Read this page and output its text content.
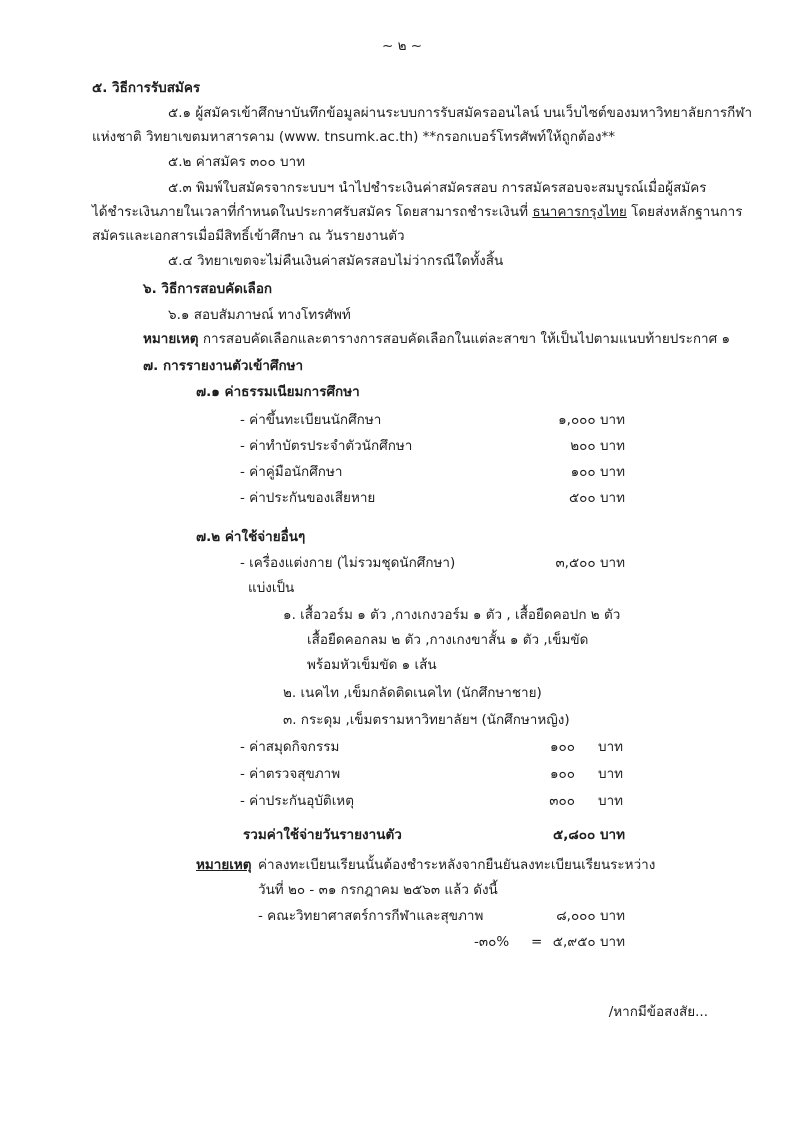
~ ๒ ~
๕. วิธีการรับสมัคร
๕.๑ ผู้สมัครเข้าศึกษาบันทึกข้อมูลผ่านระบบการรับสมัครออนไลน์ บนเว็บไซต์ของมหาวิทยาลัยการกีฬา
แห่งชาติ วิทยาเขตมหาสารคาม (www. tnsumk.ac.th) **กรอกเบอร์โทรศัพท์ให้ถูกต้อง**
๕.๒ ค่าสมัคร ๓๐๐ บาท
๕.๓ พิมพ์ใบสมัครจากระบบฯ นำไปชำระเงินค่าสมัครสอบ การสมัครสอบจะสมบูรณ์เมื่อผู้สมัคร
ได้ชำระเงินภายในเวลาที่กำหนดในประกาศรับสมัคร โดยสามารถชำระเงินที่ ธนาคารกรุงไทย โดยส่งหลักฐานการ
สมัครและเอกสารเมื่อมีสิทธิ์เข้าศึกษา ณ วันรายงานตัว
๕.๔ วิทยาเขตจะไม่คืนเงินค่าสมัครสอบไม่ว่ากรณีใดทั้งสิ้น
๖. วิธีการสอบคัดเลือก
๖.๑ สอบสัมภาษณ์ ทางโทรศัพท์
หมายเหตุ การสอบคัดเลือกและตารางการสอบคัดเลือกในแต่ละสาขา ให้เป็นไปตามแนบท้ายประกาศ ๑
๗. การรายงานตัวเข้าศึกษา
๗.๑ ค่าธรรมเนียมการศึกษา
- ค่าขึ้นทะเบียนนักศึกษา	๑,๐๐๐ บาท
- ค่าทำบัตรประจำตัวนักศึกษา	๒๐๐ บาท
- ค่าคู่มือนักศึกษา	๑๐๐ บาท
- ค่าประกันของเสียหาย	๕๐๐ บาท
๗.๒ ค่าใช้จ่ายอื่นๆ
- เครื่องแต่งกาย (ไม่รวมชุดนักศึกษา)	๓,๕๐๐ บาท
แบ่งเป็น
๑. เสื้อวอร์ม ๑ ตัว ,กางเกงวอร์ม ๑ ตัว , เสื้อยืดคอปก ๒ ตัว
เสื้อยืดคอกลม ๒ ตัว ,กางเกงขาสั้น ๑ ตัว ,เข็มขัด
พร้อมหัวเข็มขัด ๑ เส้น
๒. เนคไท ,เข็มกลัดติดเนคไท (นักศึกษาชาย)
๓. กระดุม ,เข็มตรามหาวิทยาลัยฯ (นักศึกษาหญิง)
- ค่าสมุดกิจกรรม	๑๐๐ บาท
- ค่าตรวจสุขภาพ	๑๐๐ บาท
- ค่าประกันอุบัติเหตุ	๓๐๐ บาท
รวมค่าใช้จ่ายวันรายงานตัว	๕,๘๐๐ บาท
หมายเหตุ ค่าลงทะเบียนเรียนนั้นต้องชำระหลังจากยืนยันลงทะเบียนเรียนระหว่าง
วันที่ ๒๐ - ๓๑ กรกฎาคม ๒๕๖๓ แล้ว ดังนี้
- คณะวิทยาศาสตร์การกีฬาและสุขภาพ	๘,๐๐๐ บาท
-๓๐% = ๕,๙๕๐ บาท
/หากมีข้อสงสัย...
